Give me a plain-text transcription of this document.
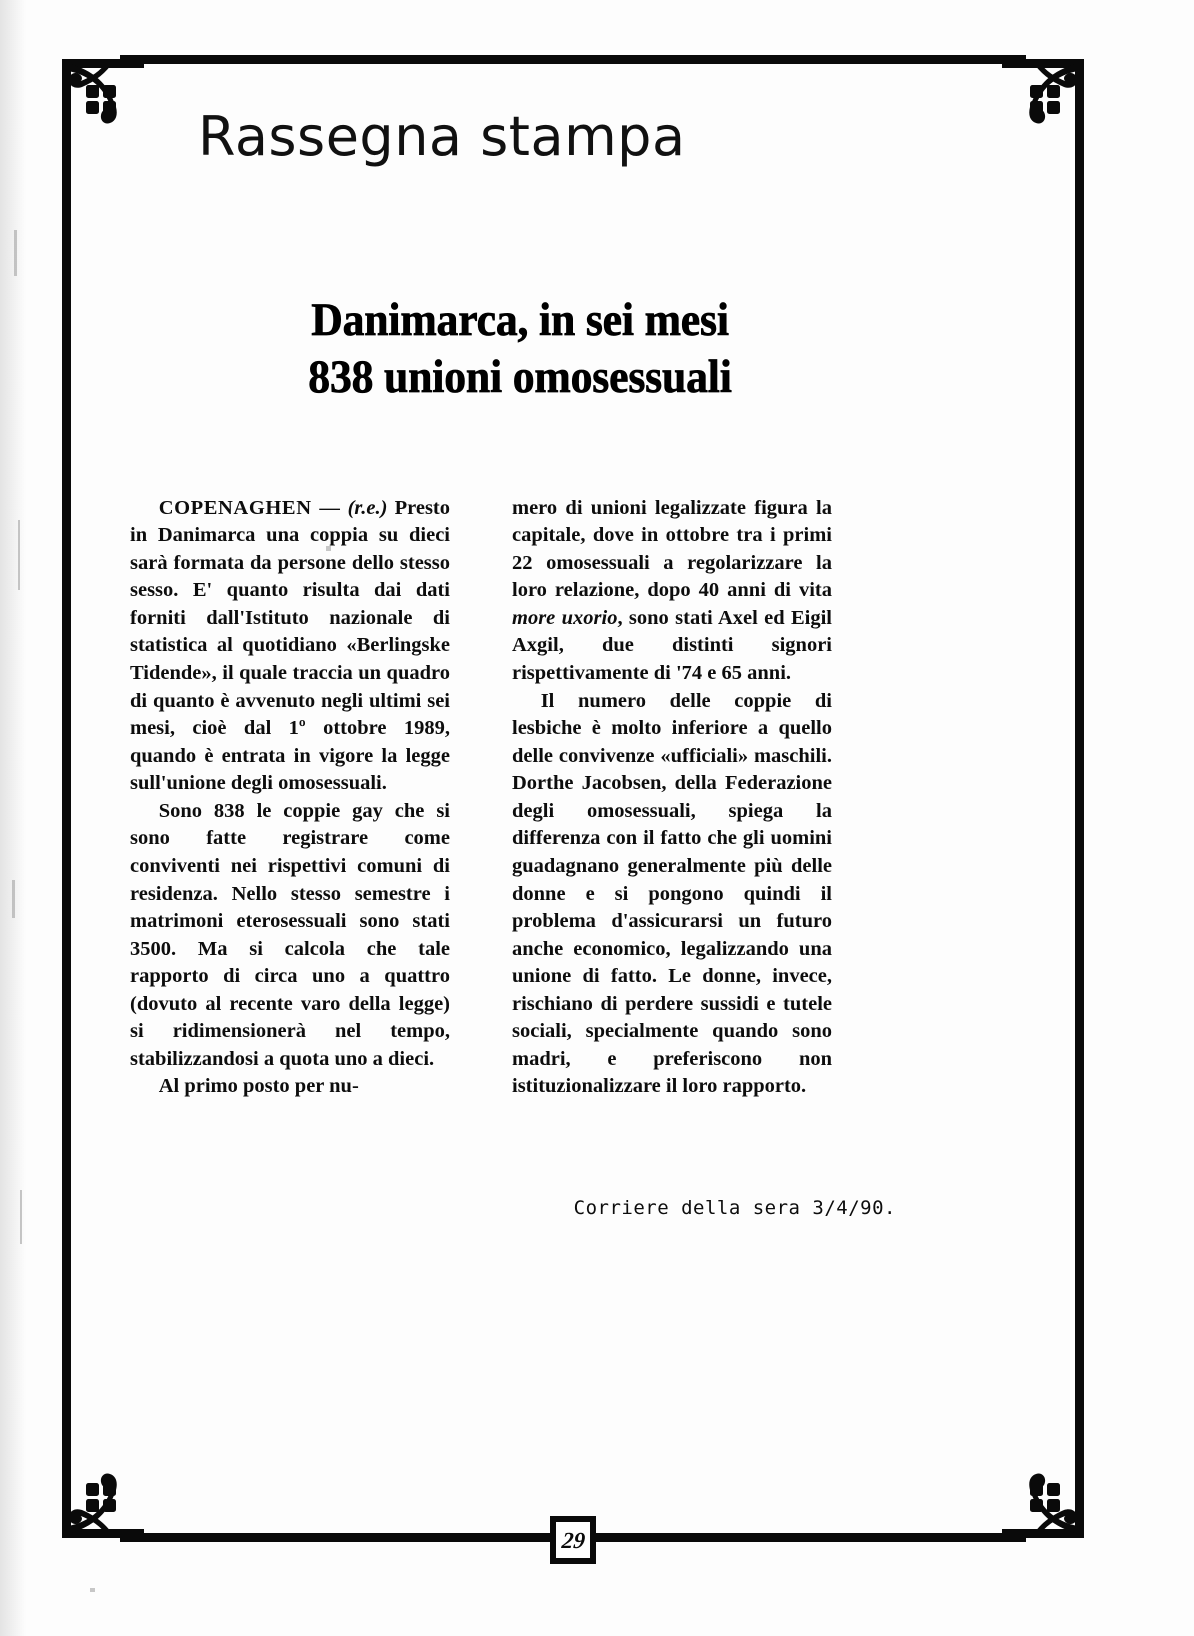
29
Rassegna stampa
Danimarca, in sei mesi
838 unioni omosessuali

COPENAGHEN — (r.e.) Presto in Danimarca una coppia su dieci sarà formata da persone dello stesso sesso. E' quanto risulta dai dati forniti dall'Istituto nazionale di statistica al quotidiano «Berlingske Tidende», il quale traccia un quadro di quanto è avvenuto negli ultimi sei mesi, cioè dal 1º ottobre 1989, quando è entrata in vigore la legge sull'unione degli omosessuali.

Sono 838 le coppie gay che si sono fatte registrare come conviventi nei rispettivi comuni di residenza. Nello stesso semestre i matrimoni eterosessuali sono stati 3500. Ma si calcola che tale rapporto di circa uno a quattro (dovuto al recente varo della legge) si ridimensionerà nel tempo, stabilizzandosi a quota uno a dieci.

Al primo posto per nu-

mero di unioni legalizzate figura la capitale, dove in ottobre tra i primi 22 omosessuali a regolarizzare la loro relazione, dopo 40 anni di vita more uxorio, sono stati Axel ed Eigil Axgil, due distinti signori rispettivamente di '74 e 65 anni.

Il numero delle coppie di lesbiche è molto inferiore a quello delle convivenze «ufficiali» maschili. Dorthe Jacobsen, della Federazione degli omosessuali, spiega la differenza con il fatto che gli uomini guadagnano generalmente più delle donne e si pongono quindi il problema d'assicurarsi un futuro anche economico, legalizzando una unione di fatto. Le donne, invece, rischiano di perdere sussidi e tutele sociali, specialmente quando sono madri, e preferiscono non istituzionalizzare il loro rapporto.

Corriere della sera 3/4/90.
